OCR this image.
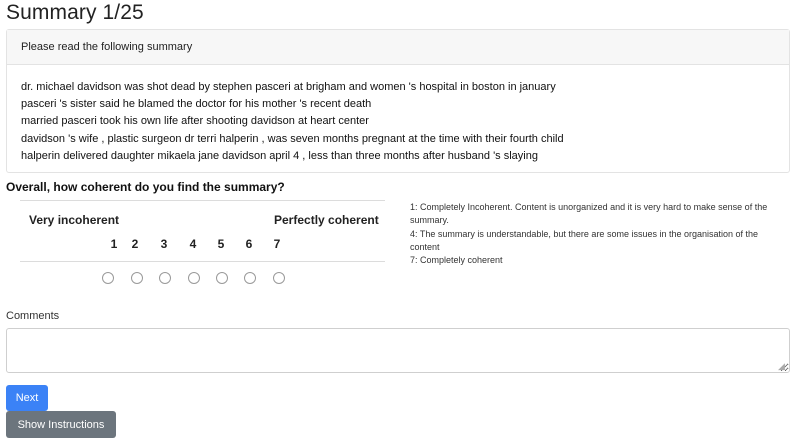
Summary 1/25
Please read the following summary
dr. michael davidson was shot dead by stephen pasceri at brigham and women 's hospital in boston in january
pasceri 's sister said he blamed the doctor for his mother 's recent death
married pasceri took his own life after shooting davidson at heart center
davidson 's wife , plastic surgeon dr terri halperin , was seven months pregnant at the time with their fourth child
halperin delivered daughter mikaela jane davidson april 4 , less than three months after husband 's slaying
Overall, how coherent do you find the summary?
Very incoherent	Perfectly coherent
1	2	3	4	5	6	7
1: Completely Incoherent. Content is unorganized and it is very hard to make sense of the summary.
4: The summary is understandable, but there are some issues in the organisation of the content
7: Completely coherent
Comments
◢
Next
Show Instructions
